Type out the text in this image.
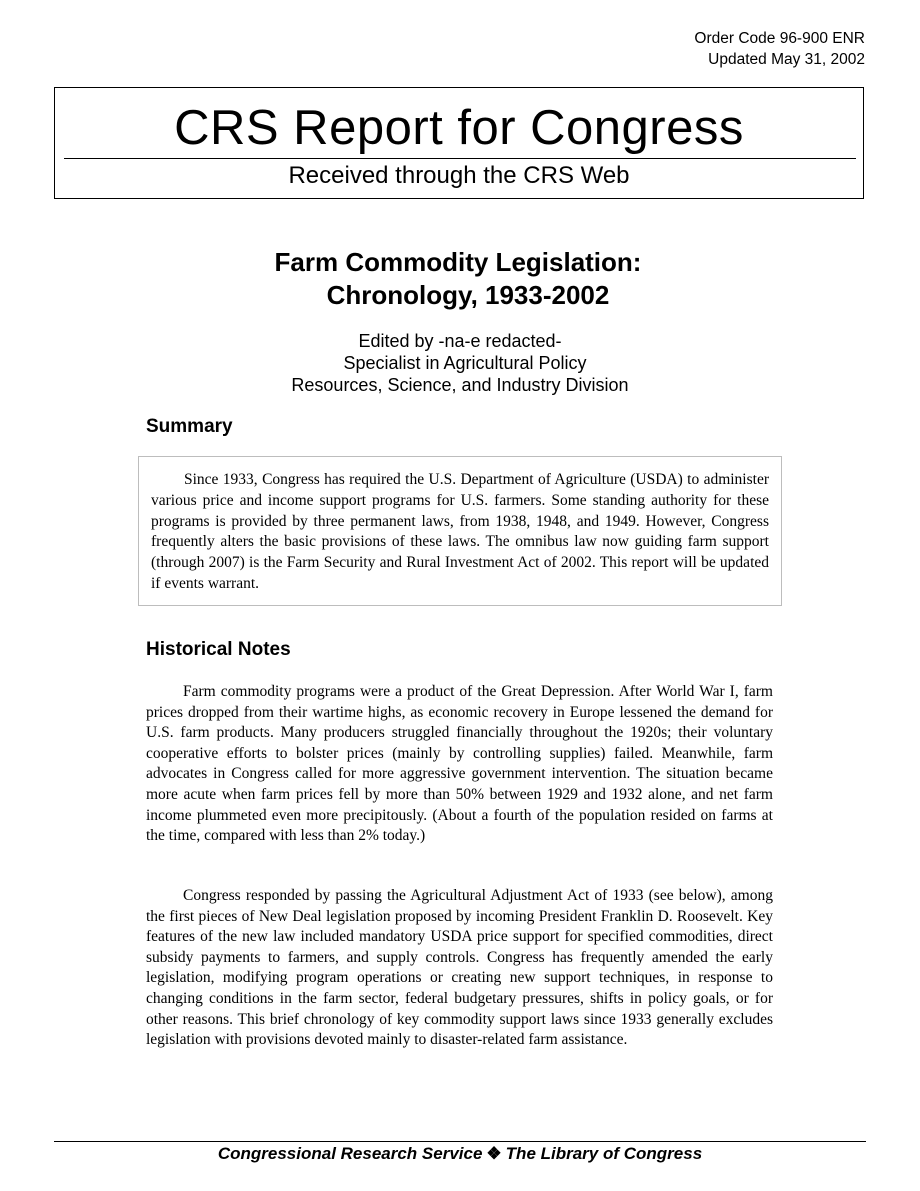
Order Code 96-900 ENR
Updated May 31, 2002
CRS Report for Congress
Received through the CRS Web
Farm Commodity Legislation:
Chronology, 1933-2002
Edited by -na-e redacted-
Specialist in Agricultural Policy
Resources, Science, and Industry Division
Summary
Since 1933, Congress has required the U.S. Department of Agriculture (USDA) to administer various price and income support programs for U.S. farmers. Some standing authority for these programs is provided by three permanent laws, from 1938, 1948, and 1949. However, Congress frequently alters the basic provisions of these laws. The omnibus law now guiding farm support (through 2007) is the Farm Security and Rural Investment Act of 2002. This report will be updated if events warrant.
Historical Notes
Farm commodity programs were a product of the Great Depression. After World War I, farm prices dropped from their wartime highs, as economic recovery in Europe lessened the demand for U.S. farm products. Many producers struggled financially throughout the 1920s; their voluntary cooperative efforts to bolster prices (mainly by controlling supplies) failed. Meanwhile, farm advocates in Congress called for more aggressive government intervention. The situation became more acute when farm prices fell by more than 50% between 1929 and 1932 alone, and net farm income plummeted even more precipitously. (About a fourth of the population resided on farms at the time, compared with less than 2% today.)
Congress responded by passing the Agricultural Adjustment Act of 1933 (see below), among the first pieces of New Deal legislation proposed by incoming President Franklin D. Roosevelt. Key features of the new law included mandatory USDA price support for specified commodities, direct subsidy payments to farmers, and supply controls. Congress has frequently amended the early legislation, modifying program operations or creating new support techniques, in response to changing conditions in the farm sector, federal budgetary pressures, shifts in policy goals, or for other reasons. This brief chronology of key commodity support laws since 1933 generally excludes legislation with provisions devoted mainly to disaster-related farm assistance.
Congressional Research Service ❖ The Library of Congress
